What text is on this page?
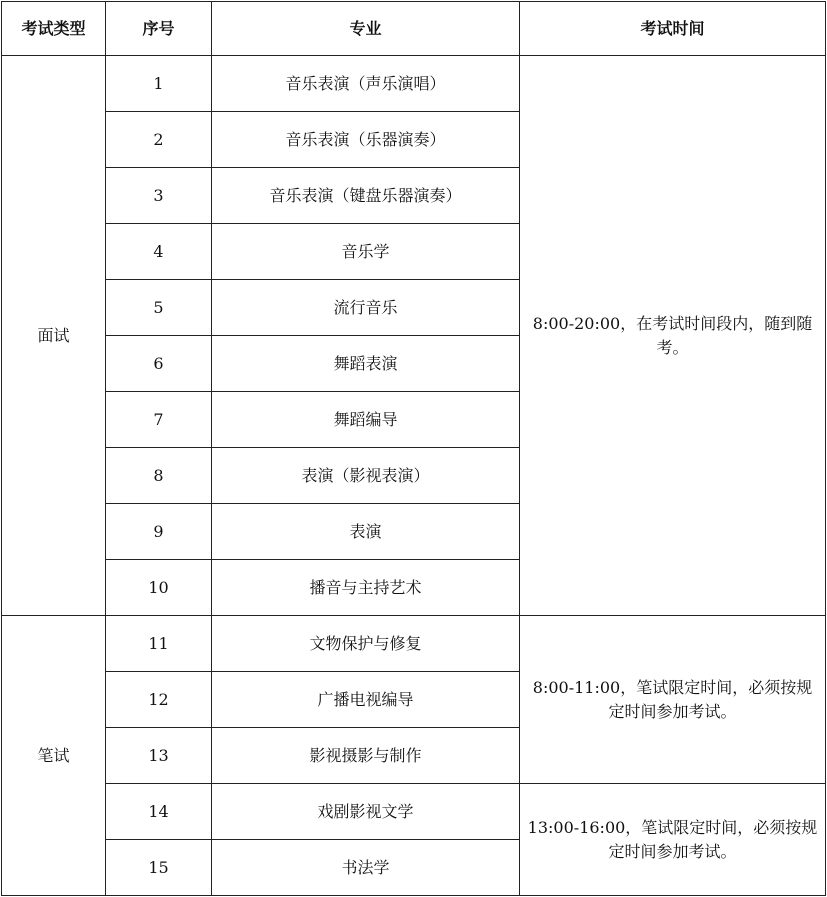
考试类型	序号	专业	考试时间
面试	1	音乐表演（声乐演唱）	8:00-20:00，在考试时间段内，随到随考。
	2	音乐表演（乐器演奏）	
	3	音乐表演（键盘乐器演奏）	
	4	音乐学	
	5	流行音乐	
	6	舞蹈表演	
	7	舞蹈编导	
	8	表演（影视表演）	
	9	表演	
	10	播音与主持艺术	
笔试	11	文物保护与修复	8:00-11:00，笔试限定时间，必须按规定时间参加考试。
	12	广播电视编导	
	13	影视摄影与制作	
	14	戏剧影视文学	13:00-16:00，笔试限定时间，必须按规定时间参加考试。
	15	书法学	
